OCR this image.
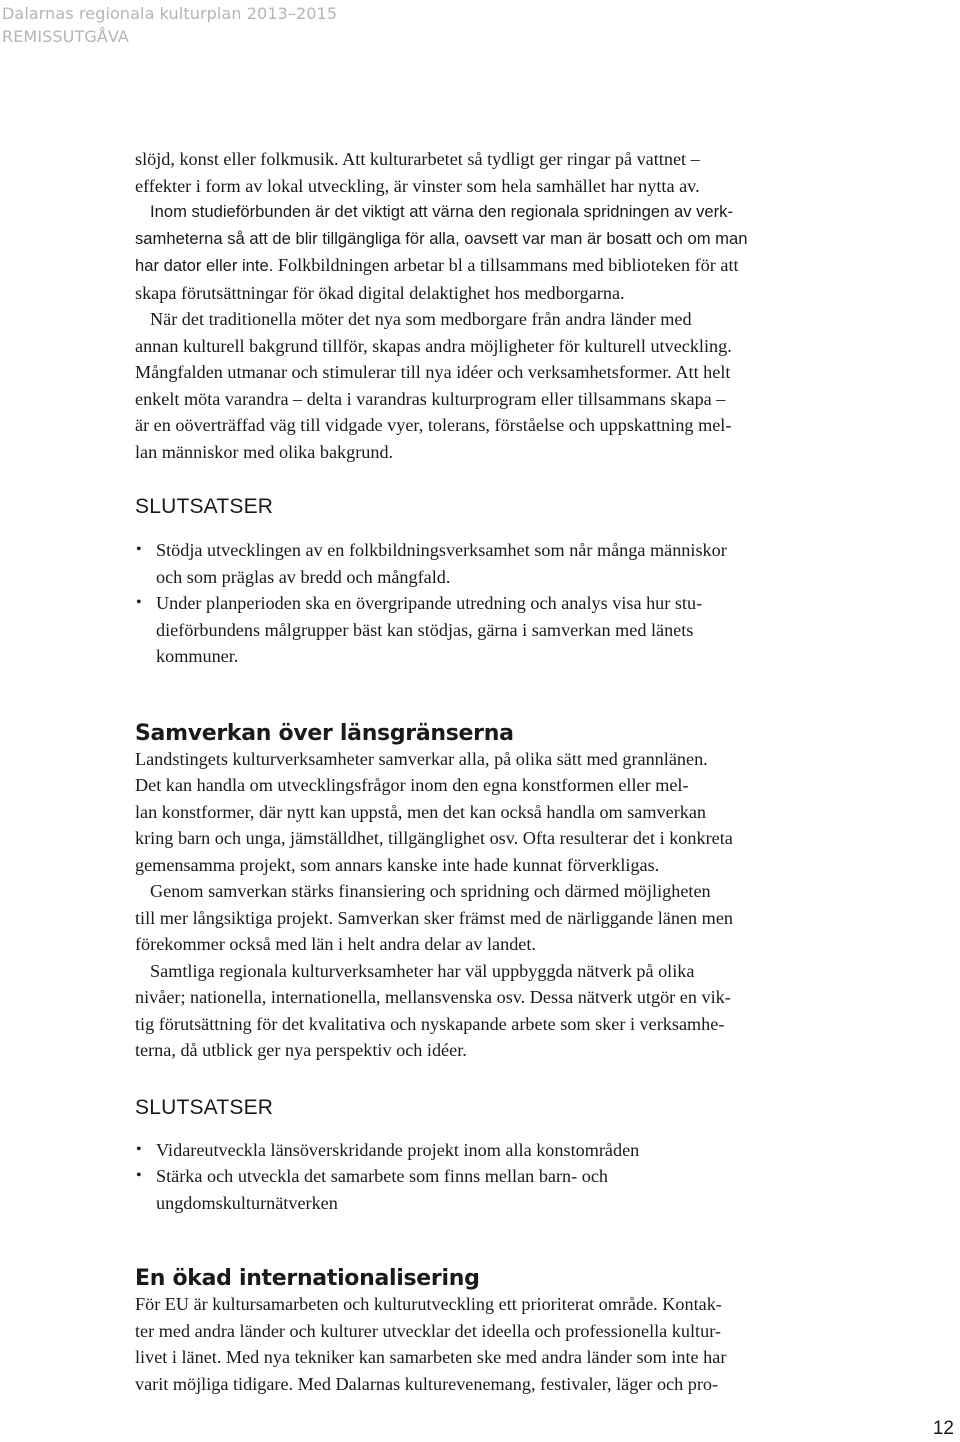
Dalarnas regionala kulturplan 2013–2015
REMISSUTGÅVA

slöjd, konst eller folkmusik. Att kulturarbetet så tydligt ger ringar på vattnet –
effekter i form av lokal utveckling, är vinster som hela samhället har nytta av.

Inom studieförbunden är det viktigt att värna den regionala spridningen av verk-
samheterna så att de blir tillgängliga för alla, oavsett var man är bosatt och om man
har dator eller inte. Folkbildningen arbetar bl a tillsammans med biblioteken för att
skapa förutsättningar för ökad digital delaktighet hos medborgarna.

När det traditionella möter det nya som medborgare från andra länder med
annan kulturell bakgrund tillför, skapas andra möjligheter för kulturell utveckling.
Mångfalden utmanar och stimulerar till nya idéer och verksamhetsformer. Att helt
enkelt möta varandra – delta i varandras kulturprogram eller tillsammans skapa –
är en oöverträffad väg till vidgade vyer, tolerans, förståelse och uppskattning mel-
lan människor med olika bakgrund.

SLUTSATSER
• Stödja utvecklingen av en folkbildningsverksamhet som når många människor
och som präglas av bredd och mångfald.
• Under planperioden ska en övergripande utredning och analys visa hur stu-
dieförbundens målgrupper bäst kan stödjas, gärna i samverkan med länets
kommuner.
Samverkan över länsgränserna

Landstingets kulturverksamheter samverkar alla, på olika sätt med grannlänen.
Det kan handla om utvecklingsfrågor inom den egna konstformen eller mel-
lan konstformer, där nytt kan uppstå, men det kan också handla om samverkan
kring barn och unga, jämställdhet, tillgänglighet osv. Ofta resulterar det i konkreta
gemensamma projekt, som annars kanske inte hade kunnat förverkligas.

Genom samverkan stärks finansiering och spridning och därmed möjligheten
till mer långsiktiga projekt. Samverkan sker främst med de närliggande länen men
förekommer också med län i helt andra delar av landet.

Samtliga regionala kulturverksamheter har väl uppbyggda nätverk på olika
nivåer; nationella, internationella, mellansvenska osv. Dessa nätverk utgör en vik-
tig förutsättning för det kvalitativa och nyskapande arbete som sker i verksamhe-
terna, då utblick ger nya perspektiv och idéer.

SLUTSATSER
• Vidareutveckla länsöverskridande projekt inom alla konstområden
• Stärka och utveckla det samarbete som finns mellan barn- och
ungdomskulturnätverken
En ökad internationalisering

För EU är kultursamarbeten och kulturutveckling ett prioriterat område. Kontak-
ter med andra länder och kulturer utvecklar det ideella och professionella kultur-
livet i länet. Med nya tekniker kan samarbeten ske med andra länder som inte har
varit möjliga tidigare. Med Dalarnas kulturevenemang, festivaler, läger och pro-

12
